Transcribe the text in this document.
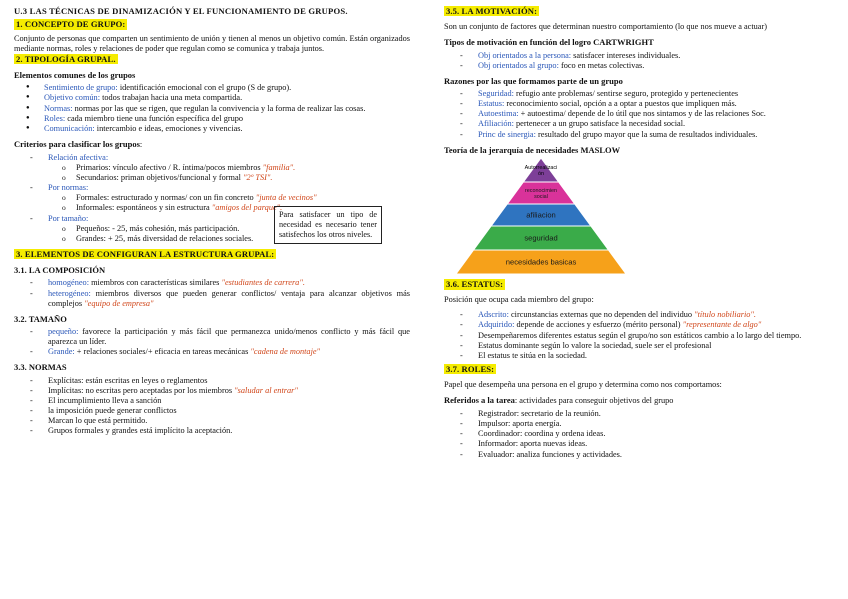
U.3 LAS TÉCNICAS DE DINAMIZACIÓN Y EL FUNCIONAMIENTO DE GRUPOS.

1. CONCEPTO DE GRUPO:

Conjunto de personas que comparten un sentimiento de unión y tienen al menos un objetivo común. Están organizados mediante normas, roles y relaciones de poder que regulan como se comunica y trabaja juntos.

2. TIPOLOGÍA GRUPAL.

Elementos comunes de los grupos

● Sentimiento de grupo: identificación emocional con el grupo (S de grupo).
● Objetivo común: todos trabajan hacia una meta compartida.
● Normas: normas por las que se rigen, que regulan la convivencia y la forma de realizar las cosas.
● Roles: cada miembro tiene una función específica del grupo
● Comunicación: intercambio e ideas, emociones y vivencias.

Criterios para clasificar los grupos:

- Relación afectiva:
o Primarios: vínculo afectivo / R. íntima/pocos miembros "familia".
o Secundarios: priman objetivos/funcional y formal "2º TSI".
- Por normas:
o Formales: estructurado y normas/ con un fin concreto "junta de vecinos"
o Informales: espontáneos y sin estructura "amigos del parque".
- Por tamaño:
o Pequeños: - 25, más cohesión, más participación.
o Grandes: + 25, más diversidad de relaciones sociales.
3. ELEMENTOS DE CONFIGURAN LA ESTRUCTURA GRUPAL:

3.1. LA COMPOSICIÓN

- homogéneo: miembros con características similares "estudiantes de carrera".
- heterogéneo: miembros diversos que pueden generar conflictos/ ventaja para alcanzar objetivos más complejos "equipo de empresa"

3.2. TAMAÑO

- pequeño: favorece la participación y más fácil que permanezca unido/menos conflicto y más fácil que aparezca un líder.
- Grande: + relaciones sociales/+ eficacia en tareas mecánicas "cadena de montaje"

3.3. NORMAS

- Explícitas: están escritas en leyes o reglamentos
- Implícitas: no escritas pero aceptadas por los miembros "saludar al entrar"
- El incumplimiento lleva a sanción
- la imposición puede generar conflictos
- Marcan lo que está permitido.
- Grupos formales y grandes está implícito la aceptación.
3.5. LA MOTIVACIÓN:

Son un conjunto de factores que determinan nuestro comportamiento (lo que nos mueve a actuar)

Tipos de motivación en función del logro CARTWRIGHT

- Obj orientados a la persona: satisfacer intereses individuales.
- Obj orientados al grupo: foco en metas colectivas.

Razones por las que formamos parte de un grupo

- Seguridad: refugio ante problemas/ sentirse seguro, protegido y pertenecientes
- Estatus: reconocimiento social, opción a a optar a puestos que impliquen más.
- Autoestima: + autoestima/ depende de lo útil que nos sintamos y de las relaciones Soc.
- Afiliación: pertenecer a un grupo satisface la necesidad social.
- Princ de sinergia: resultado del grupo mayor que la suma de resultados individuales.

Teoría de la jerarquía de necesidades MASLOW

Autorrealizaci
ón
reconocimien
social
afiliacion
seguridad
necesidades basicas
3.6. ESTATUS:

Posición que ocupa cada miembro del grupo:

- Adscrito: circunstancias externas que no dependen del individuo "título nobiliario".
- Adquirido: depende de acciones y esfuerzo (mérito personal) "representante de algo"
- Desempeñaremos diferentes estatus según el grupo/no son estáticos cambio a lo largo del tiempo.
- Estatus dominante según lo valore la sociedad, suele ser el profesional
- El estatus te sitúa en la sociedad.
3.7. ROLES:

Papel que desempeña una persona en el grupo y determina como nos comportamos:

Referidos a la tarea: actividades para conseguir objetivos del grupo

- Registrador: secretario de la reunión.
- Impulsor: aporta energía.
- Coordinador: coordina y ordena ideas.
- Informador: aporta nuevas ideas.
- Evaluador: analiza funciones y actividades.
Para satisfacer un tipo de necesidad es necesario tener satisfechos los otros niveles.
